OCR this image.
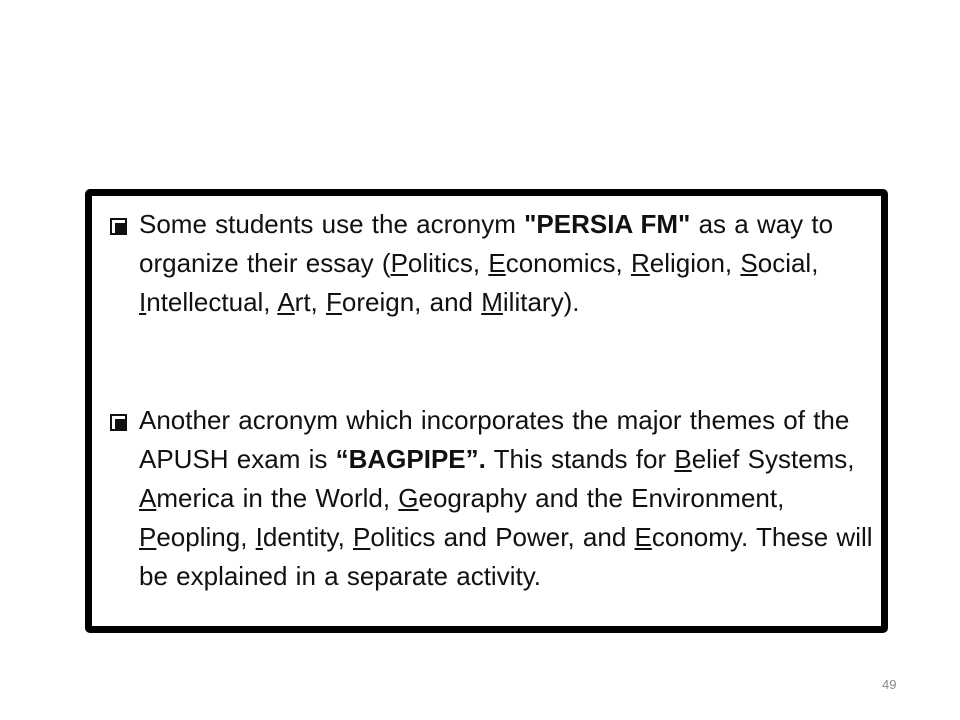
Some students use the acronym "PERSIA FM" as a way to organize their essay (Politics, Economics, Religion, Social, Intellectual, Art, Foreign, and Military).
Another acronym which incorporates the major themes of the APUSH exam is “BAGPIPE”. This stands for Belief Systems, America in the World, Geography and the Environment, Peopling, Identity, Politics and Power, and Economy. These will be explained in a separate activity.
49
